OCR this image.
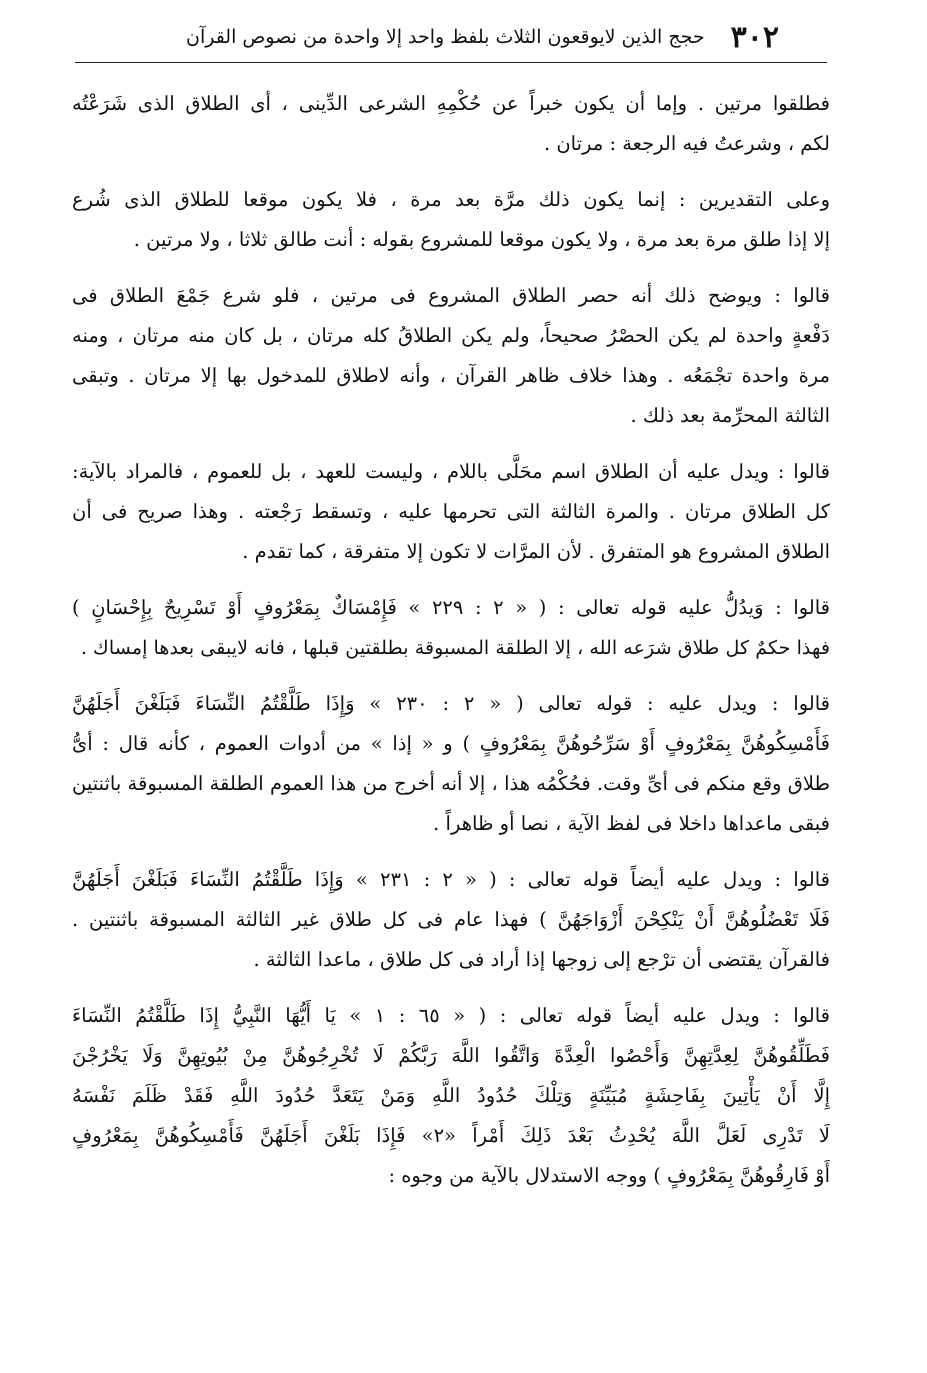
٣٠٢
حجج الذين لايوقعون الثلاث بلفظ واحد إلا واحدة من نصوص القرآن
فطلقوا مرتين . وإما أن يكون خبراً عن حُكْمِهِ الشرعى الدِّينى ، أى الطلاق الذى شَرَعْتُه
لكم ، وشرعتُ فيه الرجعة : مرتان .
وعلى التقديرين : إنما يكون ذلك مرَّة بعد مرة ، فلا يكون موقعا للطلاق الذى شُرع
إلا إذا طلق مرة بعد مرة ، ولا يكون موقعا للمشروع بقوله : أنت طالق ثلاثا ، ولا مرتين .
قالوا : ويوضح ذلك أنه حصر الطلاق المشروع فى مرتين ، فلو شرع جَمْعَ الطلاق فى
دَفْعةٍ واحدة لم يكن الحصْرُ صحيحاً، ولم يكن الطلاقُ كله مرتان ، بل كان منه مرتان ، ومنه
مرة واحدة تجْمَعُه . وهذا خلاف ظاهر القرآن ، وأنه لاطلاق للمدخول بها إلا مرتان . وتبقى
الثالثة المحرِّمة بعد ذلك .
قالوا : ويدل عليه أن الطلاق اسم محَلَّى باللام ، وليست للعهد ، بل للعموم ، فالمراد بالآية:
كل الطلاق مرتان . والمرة الثالثة التى تحرمها عليه ، وتسقط رَجْعته . وهذا صريح فى أن
الطلاق المشروع هو المتفرق . لأن المرَّات لا تكون إلا متفرقة ، كما تقدم .
قالوا : وَيدُلُّ عليه قوله تعالى : ( « ٢ : ٢٢٩ » فَإِمْسَاكٌ بِمَعْرُوفٍ أَوْ تَسْرِيحٌ بِإِحْسَانٍ )
فهذا حكمٌ كل طلاق شرَعه الله ، إلا الطلقة المسبوقة بطلقتين قبلها ، فانه لايبقى بعدها إمساك .
قالوا : ويدل عليه : قوله تعالى ( « ٢ : ٢٣٠ » وَإِذَا طَلَّقْتُمُ النِّسَاءَ فَبَلَغْنَ أَجَلَهُنَّ
فَأَمْسِكُوهُنَّ بِمَعْرُوفٍ أَوْ سَرِّحُوهُنَّ بِمَعْرُوفٍ ) و « إذا » من أدوات العموم ، كأنه قال : أىُّ
طلاق وقع منكم فى أىِّ وقت. فحُكْمُه هذا ، إلا أنه أخرج من هذا العموم الطلقة المسبوقة باثنتين
فبقى ماعداها داخلا فى لفظ الآية ، نصا أو ظاهراً .
قالوا : ويدل عليه أيضاً قوله تعالى : ( « ٢ : ٢٣١ » وَإِذَا طَلَّقْتُمُ النِّسَاءَ فَبَلَغْنَ أَجَلَهُنَّ
فَلَا تَعْضُلُوهُنَّ أَنْ يَنْكِحْنَ أَزْوَاجَهُنَّ ) فهذا عام فى كل طلاق غير الثالثة المسبوقة باثنتين .
فالقرآن يقتضى أن ترْجع إلى زوجها إذا أراد فى كل طلاق ، ماعدا الثالثة .
قالوا : ويدل عليه أيضاً قوله تعالى : ( « ٦٥ : ١ » يَا أَيُّهَا النَّبِيُّ إِذَا طَلَّقْتُمُ النِّسَاءَ
فَطَلِّقُوهُنَّ لِعِدَّتِهِنَّ وَأَحْصُوا الْعِدَّةَ وَاتَّقُوا اللَّهَ رَبَّكُمْ لَا تُخْرِجُوهُنَّ مِنْ بُيُوتِهِنَّ وَلَا يَخْرُجْنَ
إِلَّا أَنْ يَأْتِينَ بِفَاحِشَةٍ مُبَيِّنَةٍ وَتِلْكَ حُدُودُ اللَّهِ وَمَنْ يَتَعَدَّ حُدُودَ اللَّهِ فَقَدْ ظَلَمَ نَفْسَهُ
لَا تَدْرِى لَعَلَّ اللَّهَ يُحْدِثُ بَعْدَ ذَلِكَ أَمْراً «٢» فَإِذَا بَلَغْنَ أَجَلَهُنَّ فَأَمْسِكُوهُنَّ بِمَعْرُوفٍ
أَوْ فَارِقُوهُنَّ بِمَعْرُوفٍ ) ووجه الاستدلال بالآية من وجوه :
